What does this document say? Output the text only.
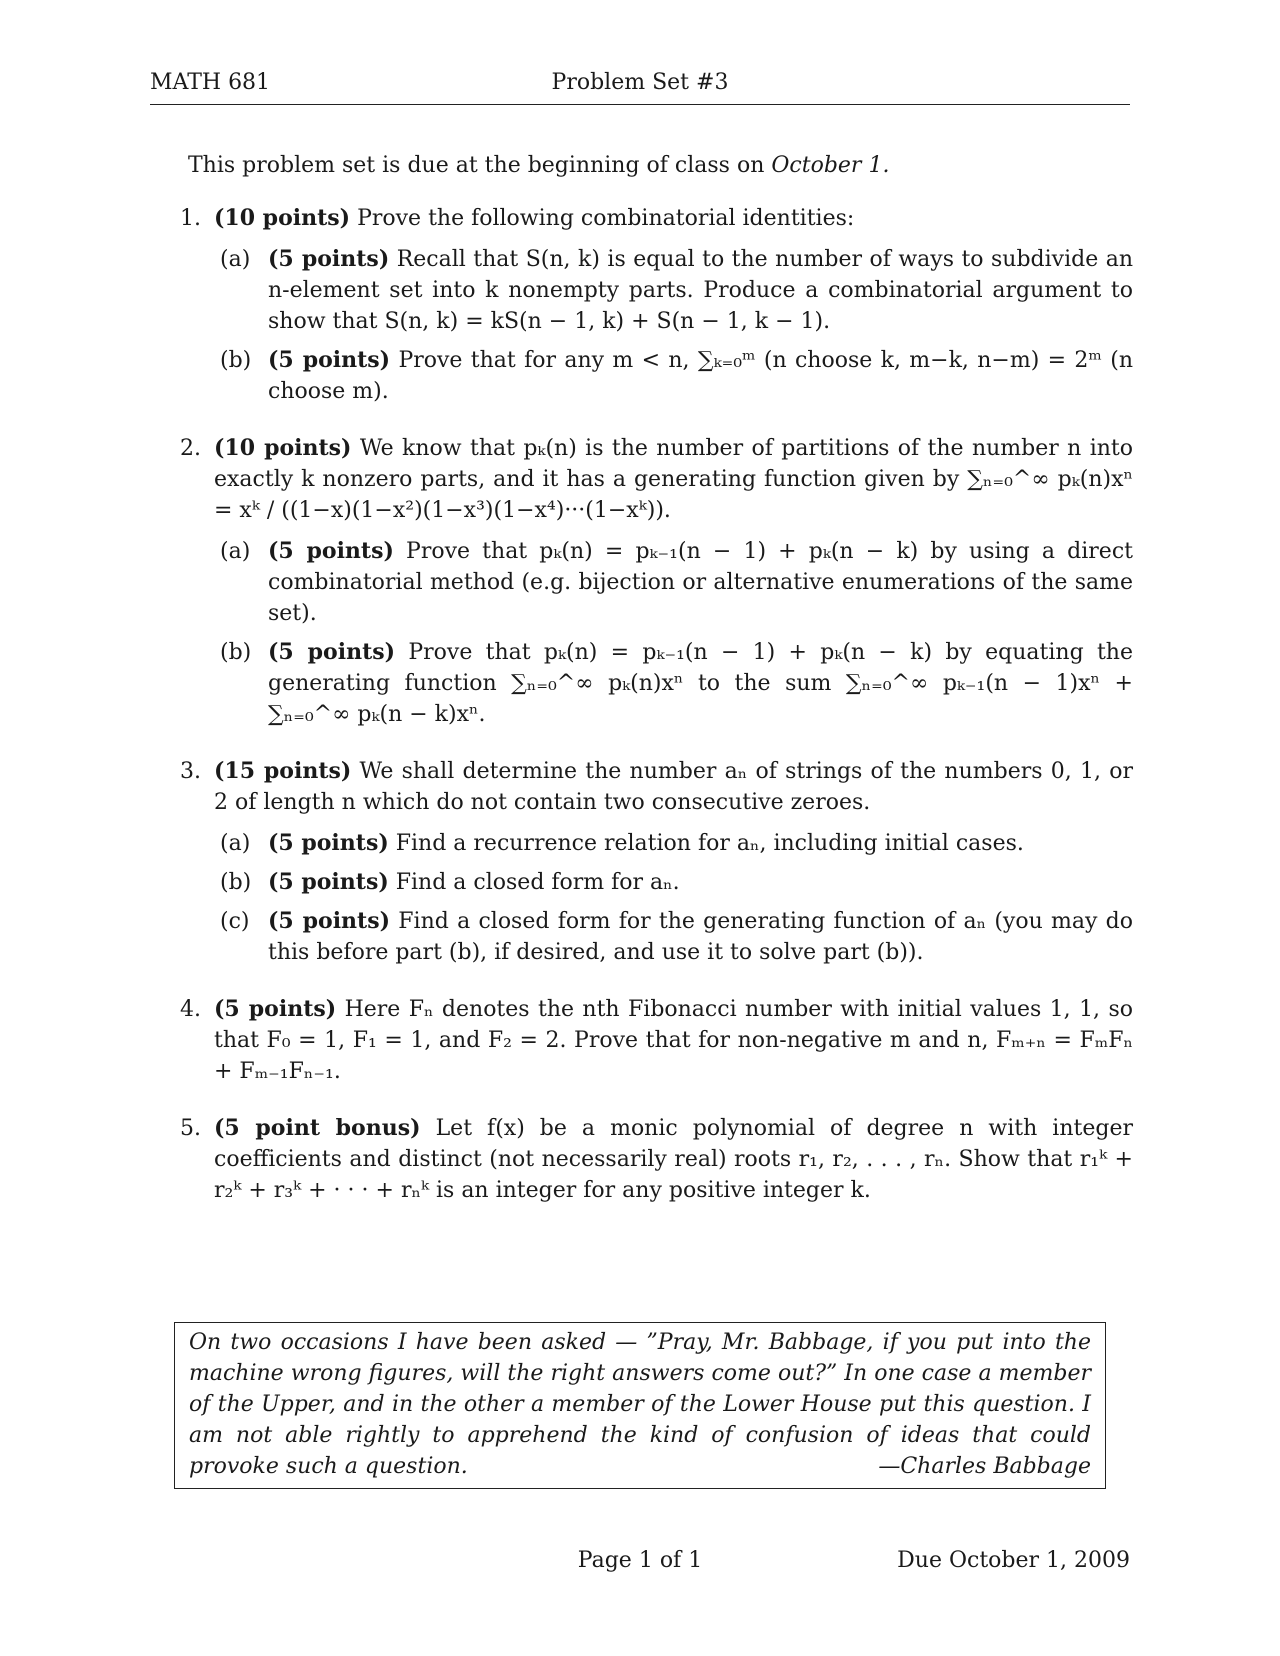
MATH 681	Problem Set #3

This problem set is due at the beginning of class on October 1.

1. (10 points) Prove the following combinatorial identities:
(a) (5 points) Recall that S(n, k) is equal to the number of ways to subdivide an n-element set into k nonempty parts. Produce a combinatorial argument to show that S(n, k) = kS(n − 1, k) + S(n − 1, k − 1).
(b) (5 points) Prove that for any m < n, ∑ₖ₌₀ᵐ (n choose k, m−k, n−m) = 2ᵐ (n choose m).
2. (10 points) We know that pₖ(n) is the number of partitions of the number n into exactly k nonzero parts, and it has a generating function given by ∑ₙ₌₀^∞ pₖ(n)xⁿ = xᵏ / ((1−x)(1−x²)(1−x³)(1−x⁴)···(1−xᵏ)).
(a) (5 points) Prove that pₖ(n) = pₖ₋₁(n − 1) + pₖ(n − k) by using a direct combinatorial method (e.g. bijection or alternative enumerations of the same set).
(b) (5 points) Prove that pₖ(n) = pₖ₋₁(n − 1) + pₖ(n − k) by equating the generating function ∑ₙ₌₀^∞ pₖ(n)xⁿ to the sum ∑ₙ₌₀^∞ pₖ₋₁(n − 1)xⁿ + ∑ₙ₌₀^∞ pₖ(n − k)xⁿ.
3. (15 points) We shall determine the number aₙ of strings of the numbers 0, 1, or 2 of length n which do not contain two consecutive zeroes.
(a) (5 points) Find a recurrence relation for aₙ, including initial cases.
(b) (5 points) Find a closed form for aₙ.
(c) (5 points) Find a closed form for the generating function of aₙ (you may do this before part (b), if desired, and use it to solve part (b)).
4. (5 points) Here Fₙ denotes the nth Fibonacci number with initial values 1, 1, so that F₀ = 1, F₁ = 1, and F₂ = 2. Prove that for non-negative m and n, Fₘ₊ₙ = FₘFₙ + Fₘ₋₁Fₙ₋₁.
5. (5 point bonus) Let f(x) be a monic polynomial of degree n with integer coefficients and distinct (not necessarily real) roots r₁, r₂, . . . , rₙ. Show that r₁ᵏ + r₂ᵏ + r₃ᵏ + · · · + rₙᵏ is an integer for any positive integer k.
On two occasions I have been asked — ”Pray, Mr. Babbage, if you put into the machine wrong figures, will the right answers come out?” In one case a member of the Upper, and in the other a member of the Lower House put this question. I am not able rightly to apprehend the kind of confusion of ideas that could provoke such a question.	—Charles Babbage
Page 1 of 1	Due October 1, 2009
